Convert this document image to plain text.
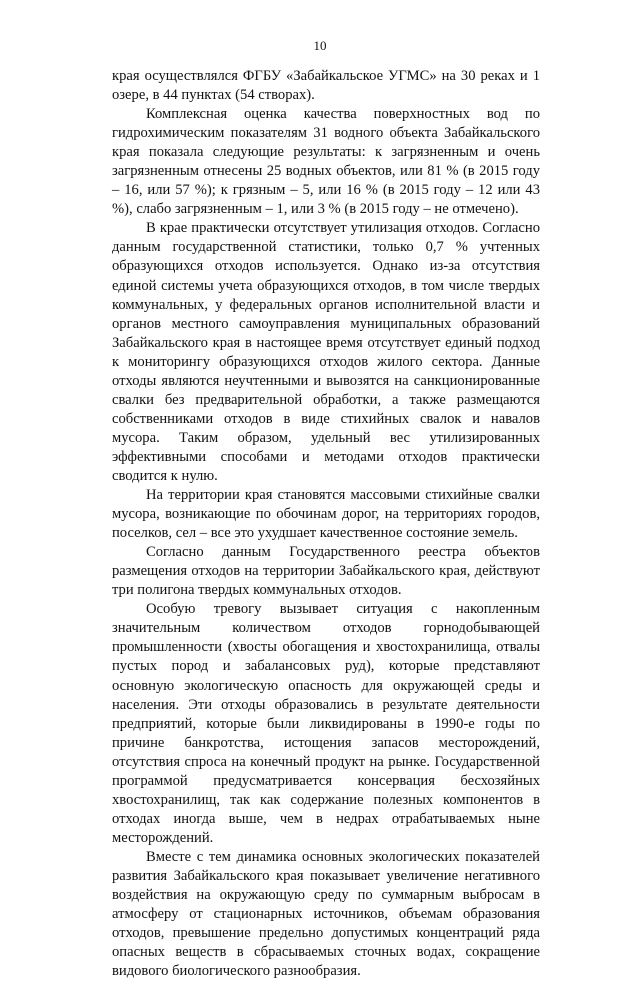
10

края осуществлялся ФГБУ «Забайкальское УГМС» на 30 реках и 1 озере, в 44 пунктах (54 створах).

Комплексная оценка качества поверхностных вод по гидрохимическим показателям 31 водного объекта Забайкальского края показала следующие результаты: к загрязненным и очень загрязненным отнесены 25 водных объектов, или 81 % (в 2015 году – 16, или 57 %); к грязным – 5, или 16 % (в 2015 году – 12 или 43 %), слабо загрязненным – 1, или 3 % (в 2015 году – не отмечено).

В крае практически отсутствует утилизация отходов. Согласно данным государственной статистики, только 0,7 % учтенных образующихся отходов используется. Однако из-за отсутствия единой системы учета образующихся отходов, в том числе твердых коммунальных, у федеральных органов исполнительной власти и органов местного самоуправления муниципальных образований Забайкальского края в настоящее время отсутствует единый подход к мониторингу образующихся отходов жилого сектора. Данные отходы являются неучтенными и вывозятся на санкционированные свалки без предварительной обработки, а также размещаются собственниками отходов в виде стихийных свалок и навалов мусора. Таким образом, удельный вес утилизированных эффективными способами и методами отходов практически сводится к нулю.

На территории края становятся массовыми стихийные свалки мусора, возникающие по обочинам дорог, на территориях городов, поселков, сел – все это ухудшает качественное состояние земель.

Согласно данным Государственного реестра объектов размещения отходов на территории Забайкальского края, действуют три полигона твердых коммунальных отходов.

Особую тревогу вызывает ситуация с накопленным значительным количеством отходов горнодобывающей промышленности (хвосты обогащения и хвостохранилища, отвалы пустых пород и забалансовых руд), которые представляют основную экологическую опасность для окружающей среды и населения. Эти отходы образовались в результате деятельности предприятий, которые были ликвидированы в 1990-е годы по причине банкротства, истощения запасов месторождений, отсутствия спроса на конечный продукт на рынке. Государственной программой предусматривается консервация бесхозяйных хвостохранилищ, так как содержание полезных компонентов в отходах иногда выше, чем в недрах отрабатываемых ныне месторождений.

Вместе с тем динамика основных экологических показателей развития Забайкальского края показывает увеличение негативного воздействия на окружающую среду по суммарным выбросам в атмосферу от стационарных источников, объемам образования отходов, превышение предельно допустимых концентраций ряда опасных веществ в сбрасываемых сточных водах, сокращение видового биологического разнообразия.
